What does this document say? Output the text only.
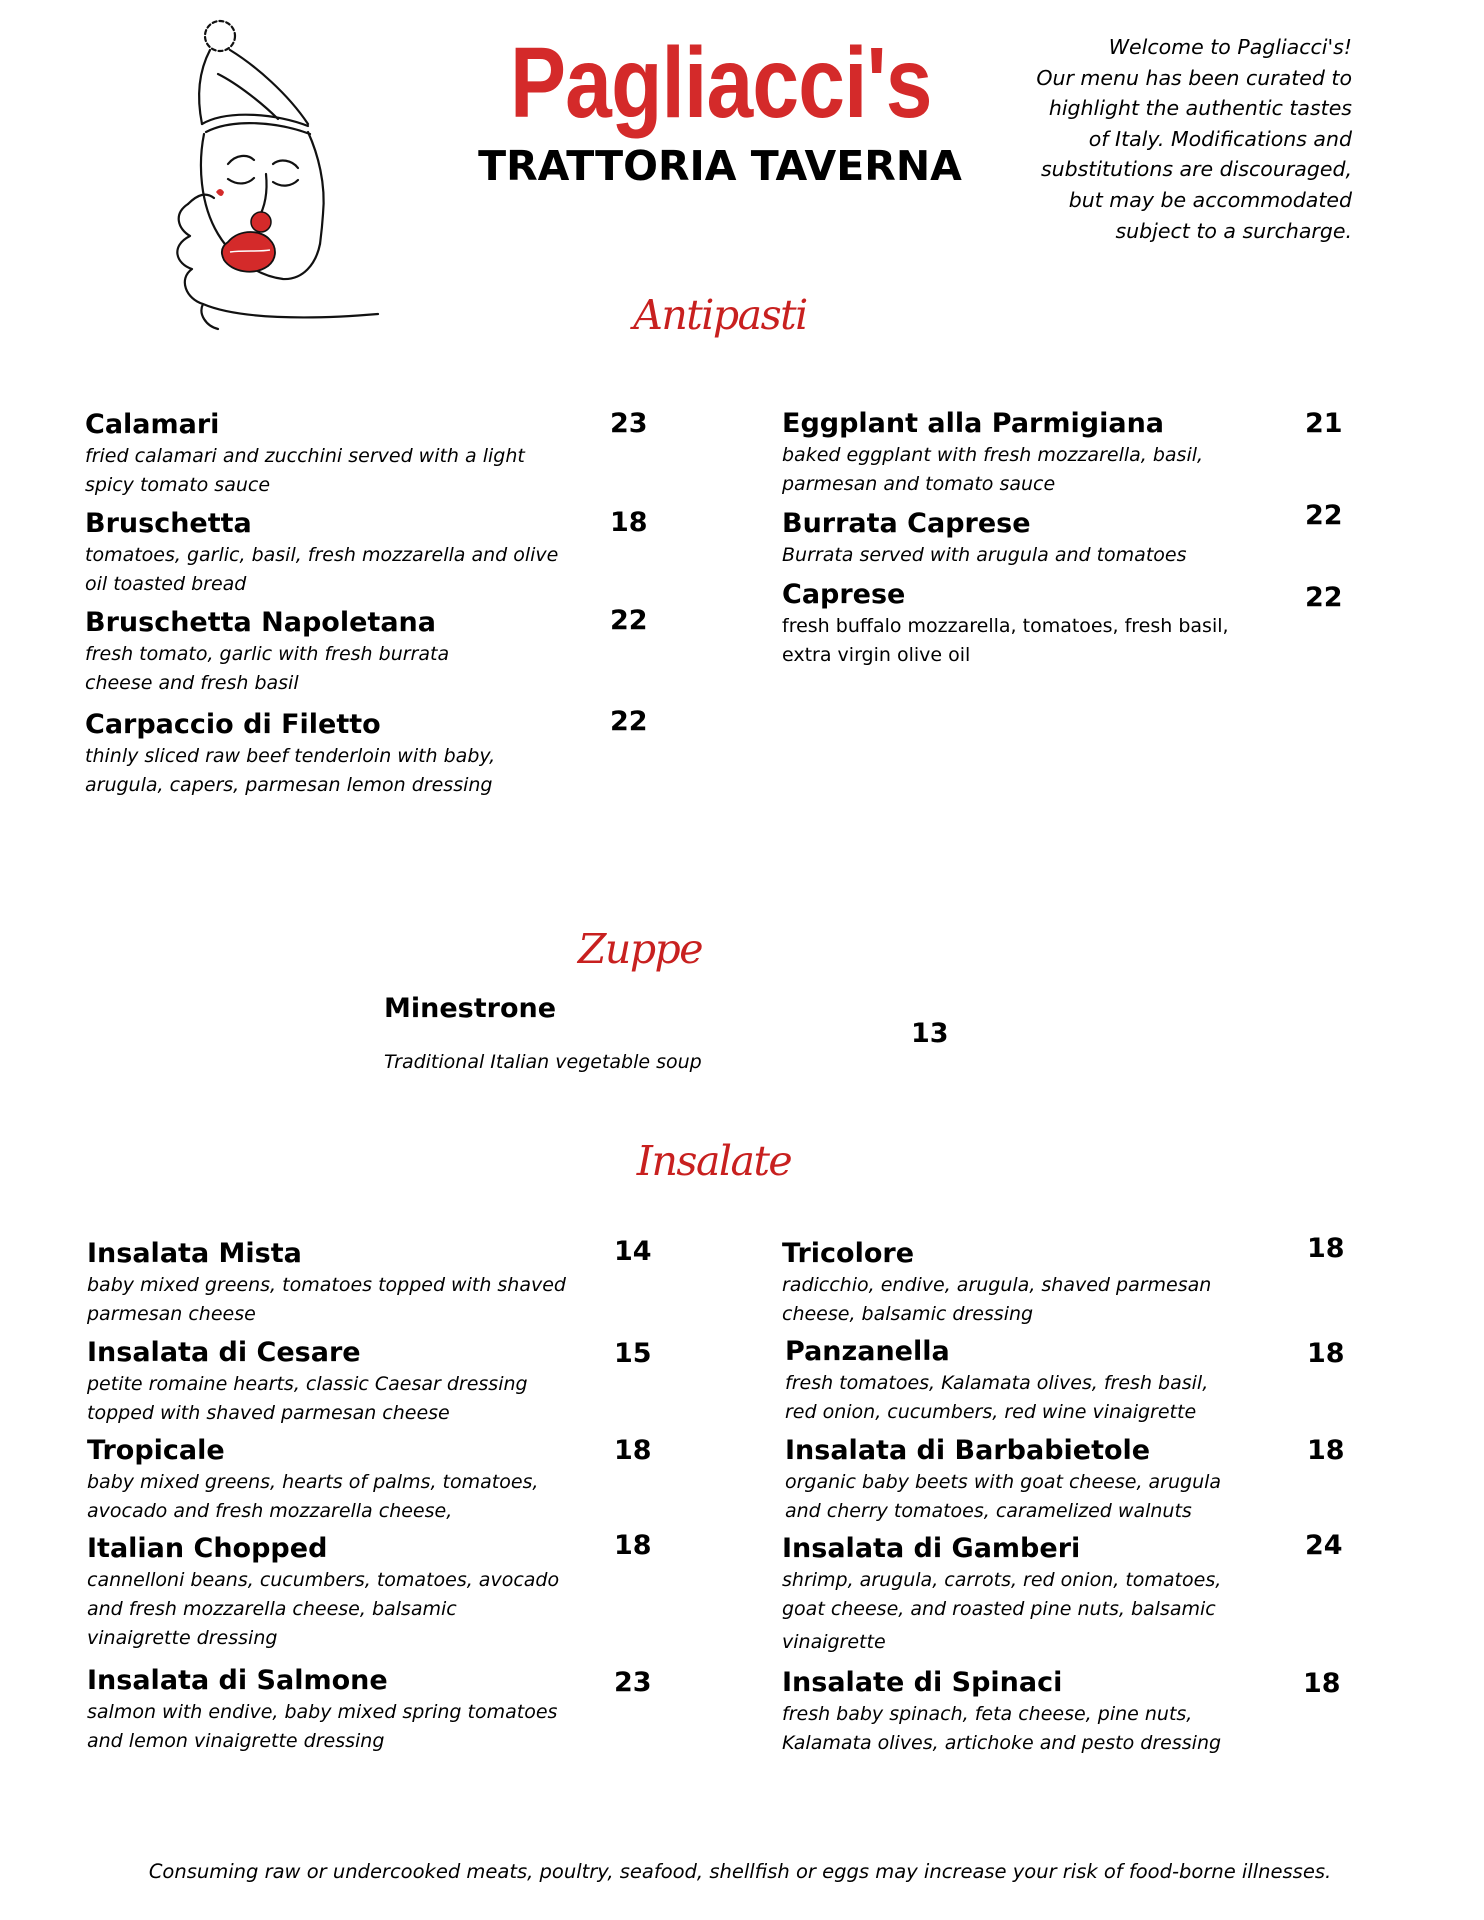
Pagliacci's
TRATTORIA TAVERNA
Welcome to Pagliacci's!
Our menu has been curated to
highlight the authentic tastes
of Italy. Modifications and
substitutions are discouraged,
but may be accommodated
subject to a surcharge.
Antipasti
Calamari
fried calamari and zucchini served with a light
spicy tomato sauce
23
Bruschetta
tomatoes, garlic, basil, fresh mozzarella and olive
oil toasted bread
18
Bruschetta Napoletana
fresh tomato, garlic with fresh burrata
cheese and fresh basil
22
Carpaccio di Filetto
thinly sliced raw beef tenderloin with baby,
arugula, capers, parmesan lemon dressing
22
Eggplant alla Parmigiana
baked eggplant with fresh mozzarella, basil,
parmesan and tomato sauce
21
Burrata Caprese
Burrata served with arugula and tomatoes
22
Caprese
fresh buffalo mozzarella, tomatoes, fresh basil,
extra virgin olive oil
22
Zuppe
Minestrone
Traditional Italian vegetable soup
13
Insalate
Insalata Mista
baby mixed greens, tomatoes topped with shaved
parmesan cheese
14
Insalata di Cesare
petite romaine hearts, classic Caesar dressing
topped with shaved parmesan cheese
15
Tropicale
baby mixed greens, hearts of palms, tomatoes,
avocado and fresh mozzarella cheese,
18
Italian Chopped
cannelloni beans, cucumbers, tomatoes, avocado
and fresh mozzarella cheese, balsamic
vinaigrette dressing
18
Insalata di Salmone
salmon with endive, baby mixed spring tomatoes
and lemon vinaigrette dressing
23
Tricolore
radicchio, endive, arugula, shaved parmesan
cheese, balsamic dressing
18
Panzanella
fresh tomatoes, Kalamata olives, fresh basil,
red onion, cucumbers, red wine vinaigrette
18
Insalata di Barbabietole
organic baby beets with goat cheese, arugula
and cherry tomatoes, caramelized walnuts
18
Insalata di Gamberi
shrimp, arugula, carrots, red onion, tomatoes,
goat cheese, and roasted pine nuts, balsamic
vinaigrette
24
Insalate di Spinaci
fresh baby spinach, feta cheese, pine nuts,
Kalamata olives, artichoke and pesto dressing
18
Consuming raw or undercooked meats, poultry, seafood, shellfish or eggs may increase your risk of food-borne illnesses.
